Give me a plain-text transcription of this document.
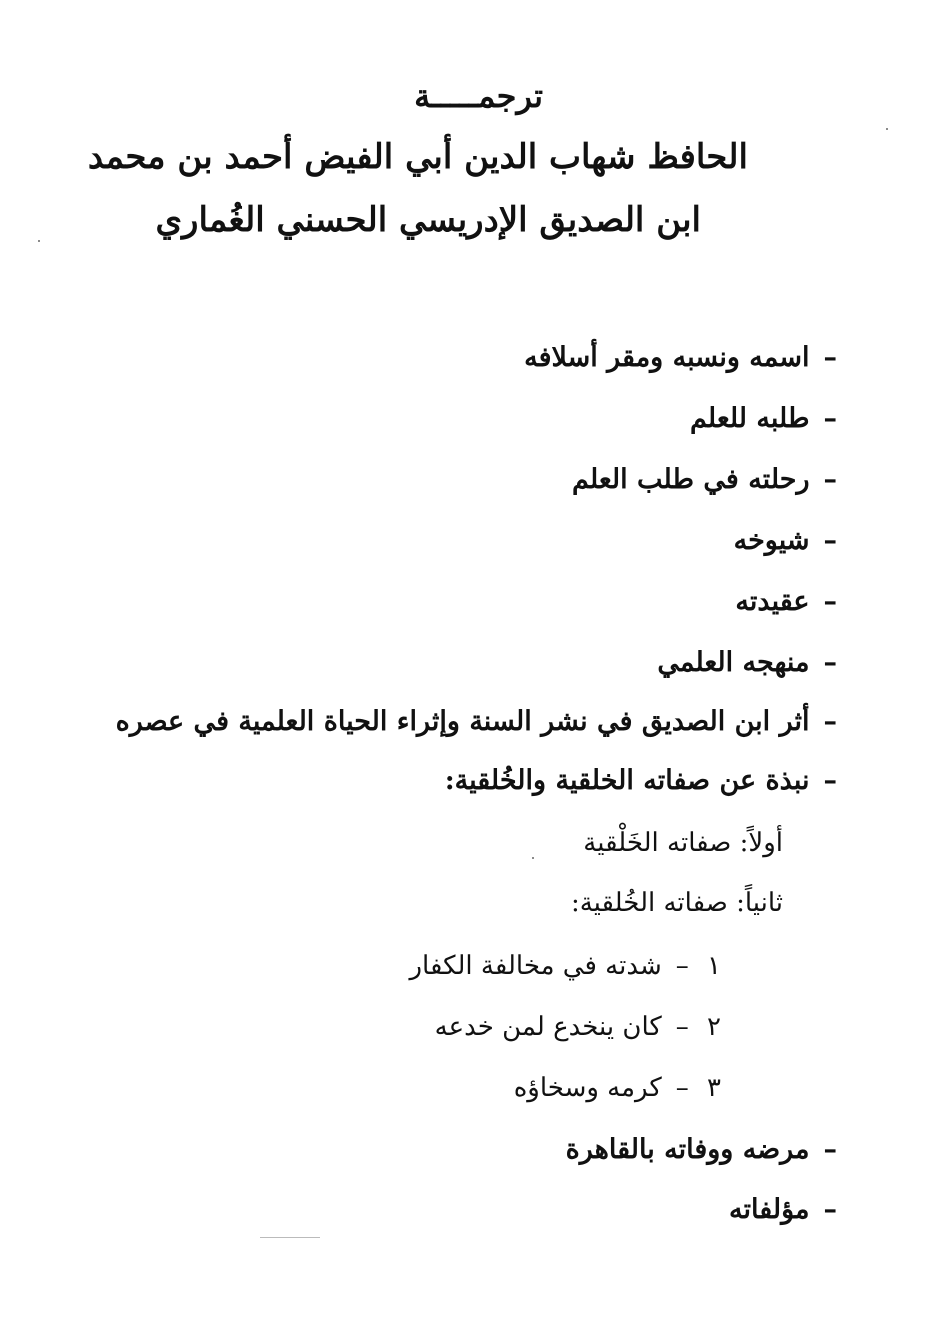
ترجمـــــة
الحافظ شهاب الدين أبي الفيض أحمد بن محمد
ابن الصديق الإدريسي الحسني الغُماري
–اسمه ونسبه ومقر أسلافه
–طلبه للعلم
–رحلته في طلب العلم
–شيوخه
–عقيدته
–منهجه العلمي
–أثر ابن الصديق في نشر السنة وإثراء الحياة العلمية في عصره
–نبذة عن صفاته الخلقية والخُلقية:
أولاً: صفاته الخَلْقية
ثانياً: صفاته الخُلقية:
١ –شدته في مخالفة الكفار
٢ –كان ينخدع لمن خدعه
٣ –كرمه وسخاؤه
–مرضه ووفاته بالقاهرة
–مؤلفاته
